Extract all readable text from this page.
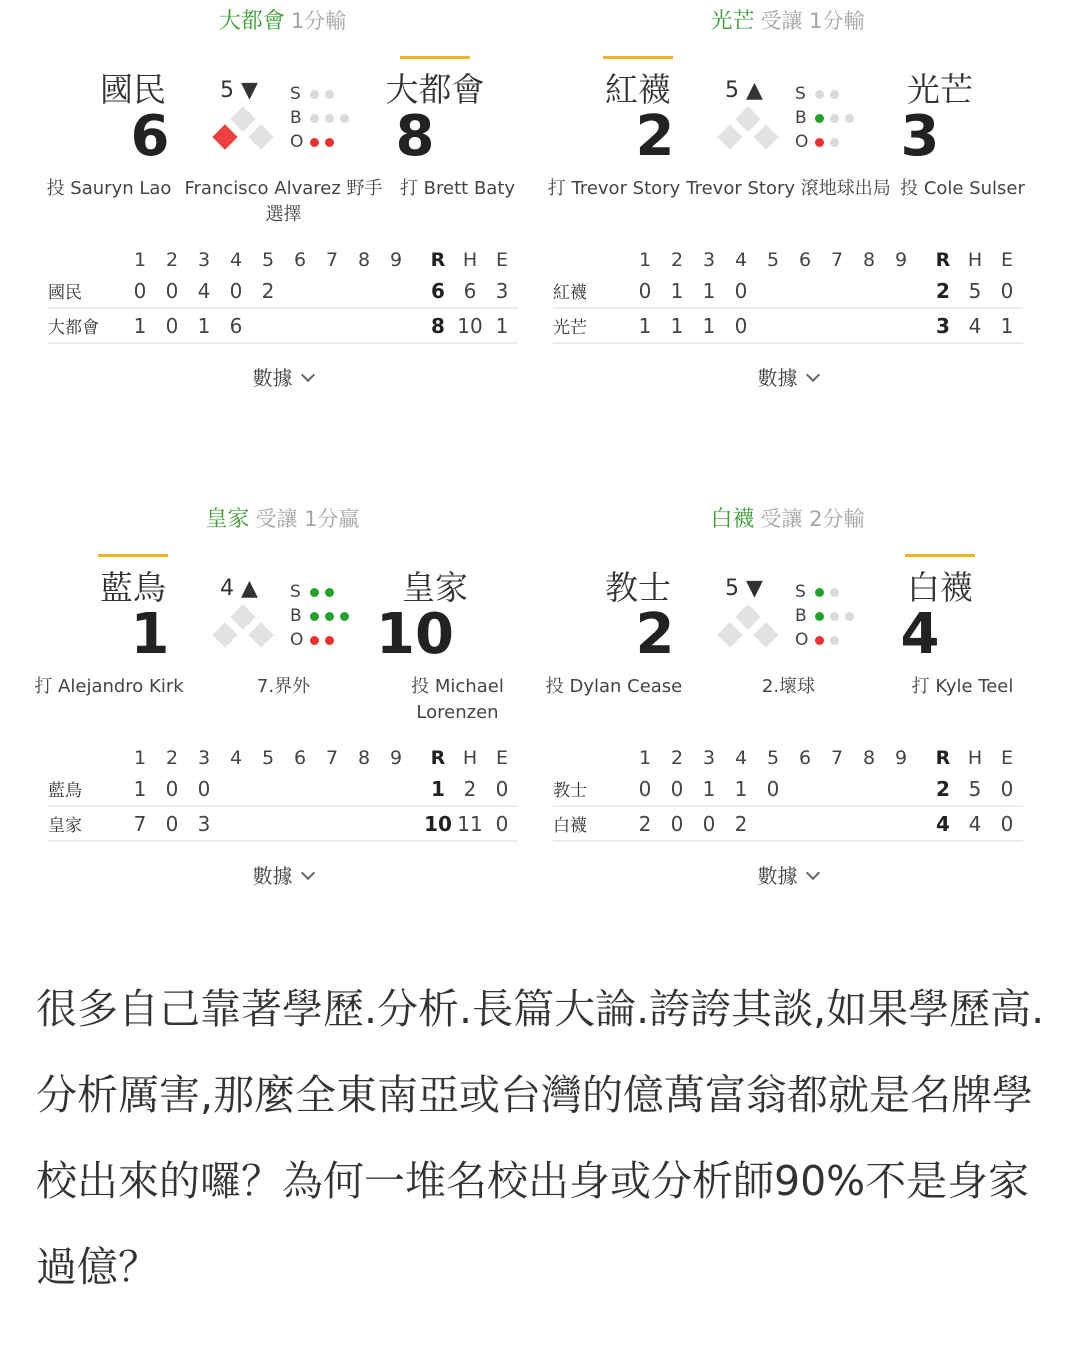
大都會 1分輸
國民
6
大都會
8
5 ▼ S
B
O
投 Sauryn Lao Francisco Alvarez 野手選擇
打 Brett Baty
	1	2	3	4	5	6	7	8	9		R	H	E
國民	0	0	4	0	2						6	6	3
大都會	1	0	1	6							8	10	1
數據
光芒 受讓 1分輸
紅襪
2
光芒
3
5 ▲ S
B
O
打 Trevor Story Trevor Story 滾地球出局 投 Cole Sulser
	1	2	3	4	5	6	7	8	9		R	H	E
紅襪	0	1	1	0							2	5	0
光芒	1	1	1	0							3	4	1
數據
皇家 受讓 1分贏
藍鳥
1
皇家
10
4 ▲ S
B
O
打 Alejandro Kirk	7.界外	投 Michael Lorenzen
	1	2	3	4	5	6	7	8	9		R	H	E
藍鳥	1	0	0								1	2	0
皇家	7	0	3								10	11	0
數據
白襪 受讓 2分輸
教士
2
白襪
4
5 ▼ S
B
O
投 Dylan Cease	2.壞球	打 Kyle Teel
	1	2	3	4	5	6	7	8	9		R	H	E
教士	0	0	1	1	0						2	5	0
白襪	2	0	0	2							4	4	0
數據
很多自己靠著學歷.分析.長篇大論.誇誇其談,如果學歷高.分析厲害,那麼全東南亞或台灣的億萬富翁都就是名牌學校出來的囉？為何一堆名校出身或分析師90%不是身家過億？
